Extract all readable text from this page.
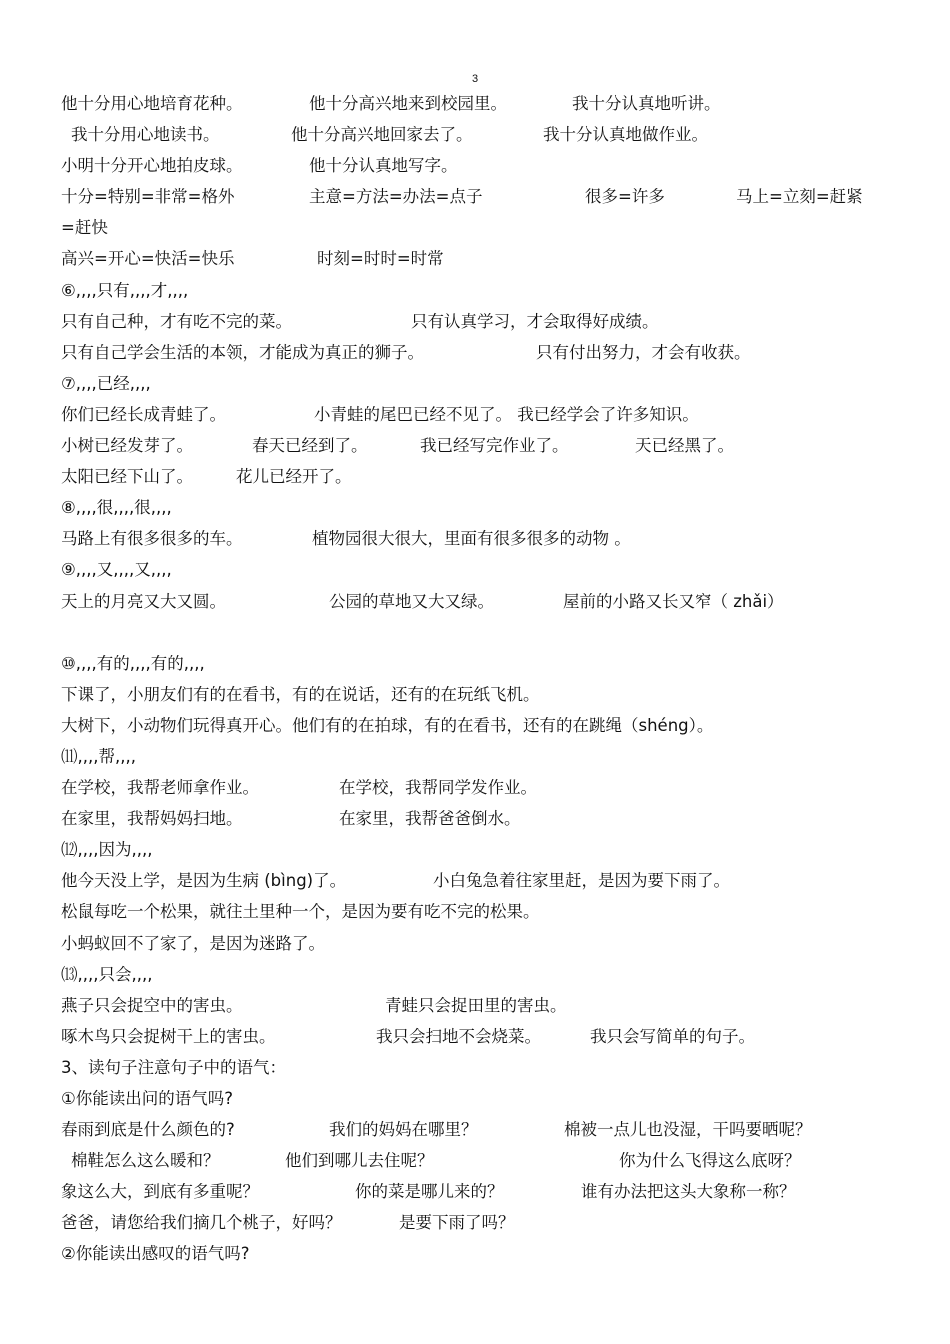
3
他十分用心地培育花种。	他十分高兴地来到校园里。	我十分认真地听讲。
我十分用心地读书。	他十分高兴地回家去了。	我十分认真地做作业。
小明十分开心地拍皮球。	他十分认真地写字。
十分=特别=非常=格外	主意=方法=办法=点子	很多=许多	马上=立刻=赶紧
=赶快
高兴=开心=快活=快乐	时刻=时时=时常
⑥,,,,只有,,,,才,,,,
只有自己种，才有吃不完的菜。	只有认真学习，才会取得好成绩。
只有自己学会生活的本领，才能成为真正的狮子。	只有付出努力，才会有收获。
⑦,,,,已经,,,,
你们已经长成青蛙了。	小青蛙的尾巴已经不见了。 我已经学会了许多知识。
小树已经发芽了。	春天已经到了。	我已经写完作业了。	天已经黑了。
太阳已经下山了。	花儿已经开了。
⑧,,,,很,,,,很,,,,
马路上有很多很多的车。	植物园很大很大，里面有很多很多的动物 。
⑨,,,,又,,,,又,,,,
天上的月亮又大又圆。	公园的草地又大又绿。	屋前的小路又长又窄（ zhǎi）
⑩,,,,有的,,,,有的,,,,
下课了，小朋友们有的在看书，有的在说话，还有的在玩纸飞机。
大树下，小动物们玩得真开心。他们有的在拍球，有的在看书，还有的在跳绳（shéng）。
⑾,,,,帮,,,,
在学校，我帮老师拿作业。	在学校，我帮同学发作业。
在家里，我帮妈妈扫地。	在家里，我帮爸爸倒水。
⑿,,,,因为,,,,
他今天没上学，是因为生病 (bìng)了。	小白兔急着往家里赶，是因为要下雨了。
松鼠每吃一个松果，就往土里种一个，是因为要有吃不完的松果。
小蚂蚁回不了家了，是因为迷路了。
⒀,,,,只会,,,,
燕子只会捉空中的害虫。	青蛙只会捉田里的害虫。
啄木鸟只会捉树干上的害虫。	我只会扫地不会烧菜。	我只会写简单的句子。
3、读句子注意句子中的语气：
①你能读出问的语气吗?
春雨到底是什么颜色的?	我们的妈妈在哪里？	棉被一点儿也没湿，干吗要晒呢？
棉鞋怎么这么暖和？	他们到哪儿去住呢？	你为什么飞得这么底呀？
象这么大，到底有多重呢？	你的菜是哪儿来的？	谁有办法把这头大象称一称？
爸爸，请您给我们摘几个桃子，好吗？	是要下雨了吗？
②你能读出感叹的语气吗?
